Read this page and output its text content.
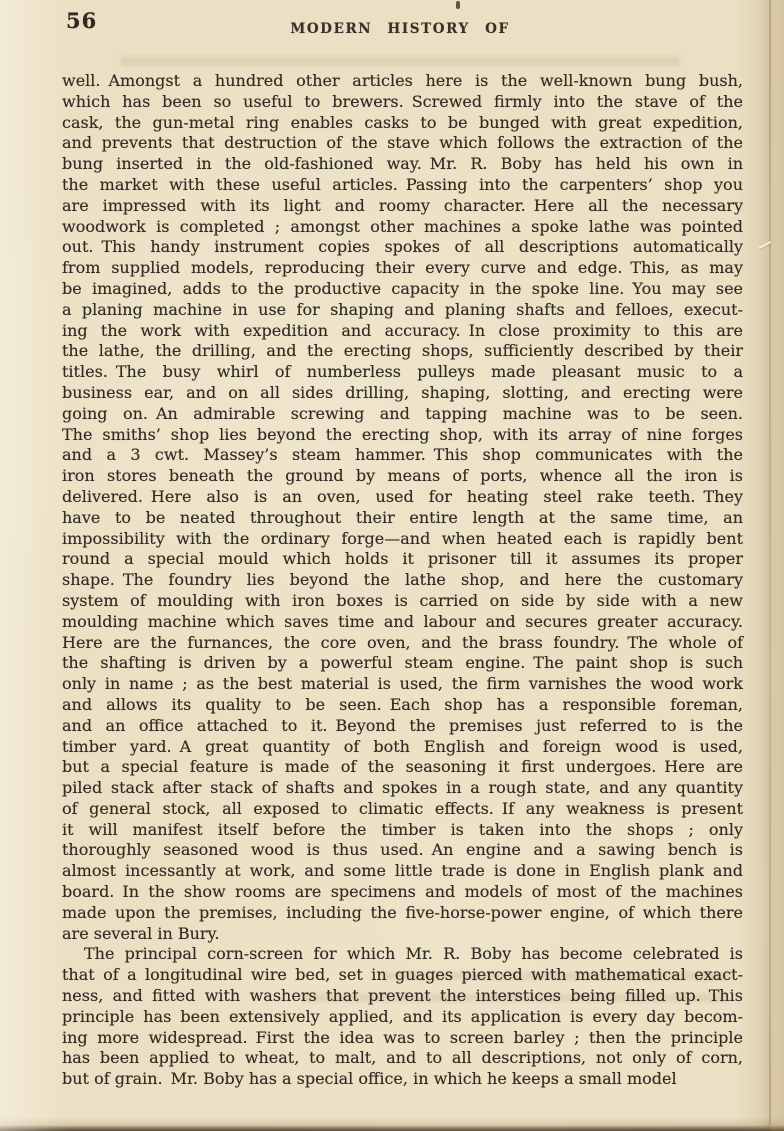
56	MODERN HISTORY OF
well. Amongst a hundred other articles here is the well-known bung bush,
which has been so useful to brewers. Screwed firmly into the stave of the
cask, the gun-metal ring enables casks to be bunged with great expedition,
and prevents that destruction of the stave which follows the extraction of the
bung inserted in the old-fashioned way. Mr. R. Boby has held his own in
the market with these useful articles. Passing into the carpenters’ shop you
are impressed with its light and roomy character. Here all the necessary
woodwork is completed ; amongst other machines a spoke lathe was pointed
out. This handy instrument copies spokes of all descriptions automatically
from supplied models, reproducing their every curve and edge. This, as may
be imagined, adds to the productive capacity in the spoke line. You may see
a planing machine in use for shaping and planing shafts and felloes, execut-
ing the work with expedition and accuracy. In close proximity to this are
the lathe, the drilling, and the erecting shops, sufficiently described by their
titles. The busy whirl of numberless pulleys made pleasant music to a
business ear, and on all sides drilling, shaping, slotting, and erecting were
going on. An admirable screwing and tapping machine was to be seen.
The smiths’ shop lies beyond the erecting shop, with its array of nine forges
and a 3 cwt. Massey’s steam hammer. This shop communicates with the
iron stores beneath the ground by means of ports, whence all the iron is
delivered. Here also is an oven, used for heating steel rake teeth. They
have to be neated throughout their entire length at the same time, an
impossibility with the ordinary forge—and when heated each is rapidly bent
round a special mould which holds it prisoner till it assumes its proper
shape. The foundry lies beyond the lathe shop, and here the customary
system of moulding with iron boxes is carried on side by side with a new
moulding machine which saves time and labour and secures greater accuracy.
Here are the furnances, the core oven, and the brass foundry. The whole of
the shafting is driven by a powerful steam engine. The paint shop is such
only in name ; as the best material is used, the firm varnishes the wood work
and allows its quality to be seen. Each shop has a responsible foreman,
and an office attached to it. Beyond the premises just referred to is the
timber yard. A great quantity of both English and foreign wood is used,
but a special feature is made of the seasoning it first undergoes. Here are
piled stack after stack of shafts and spokes in a rough state, and any quantity
of general stock, all exposed to climatic effects. If any weakness is present
it will manifest itself before the timber is taken into the shops ; only
thoroughly seasoned wood is thus used. An engine and a sawing bench is
almost incessantly at work, and some little trade is done in English plank and
board. In the show rooms are specimens and models of most of the machines
made upon the premises, including the five-horse-power engine, of which there
are several in Bury.
The principal corn-screen for which Mr. R. Boby has become celebrated is
that of a longitudinal wire bed, set in guages pierced with mathematical exact-
ness, and fitted with washers that prevent the interstices being filled up. This
principle has been extensively applied, and its application is every day becom-
ing more widespread. First the idea was to screen barley ; then the principle
has been applied to wheat, to malt, and to all descriptions, not only of corn,
but of grain. Mr. Boby has a special office, in which he keeps a small model
